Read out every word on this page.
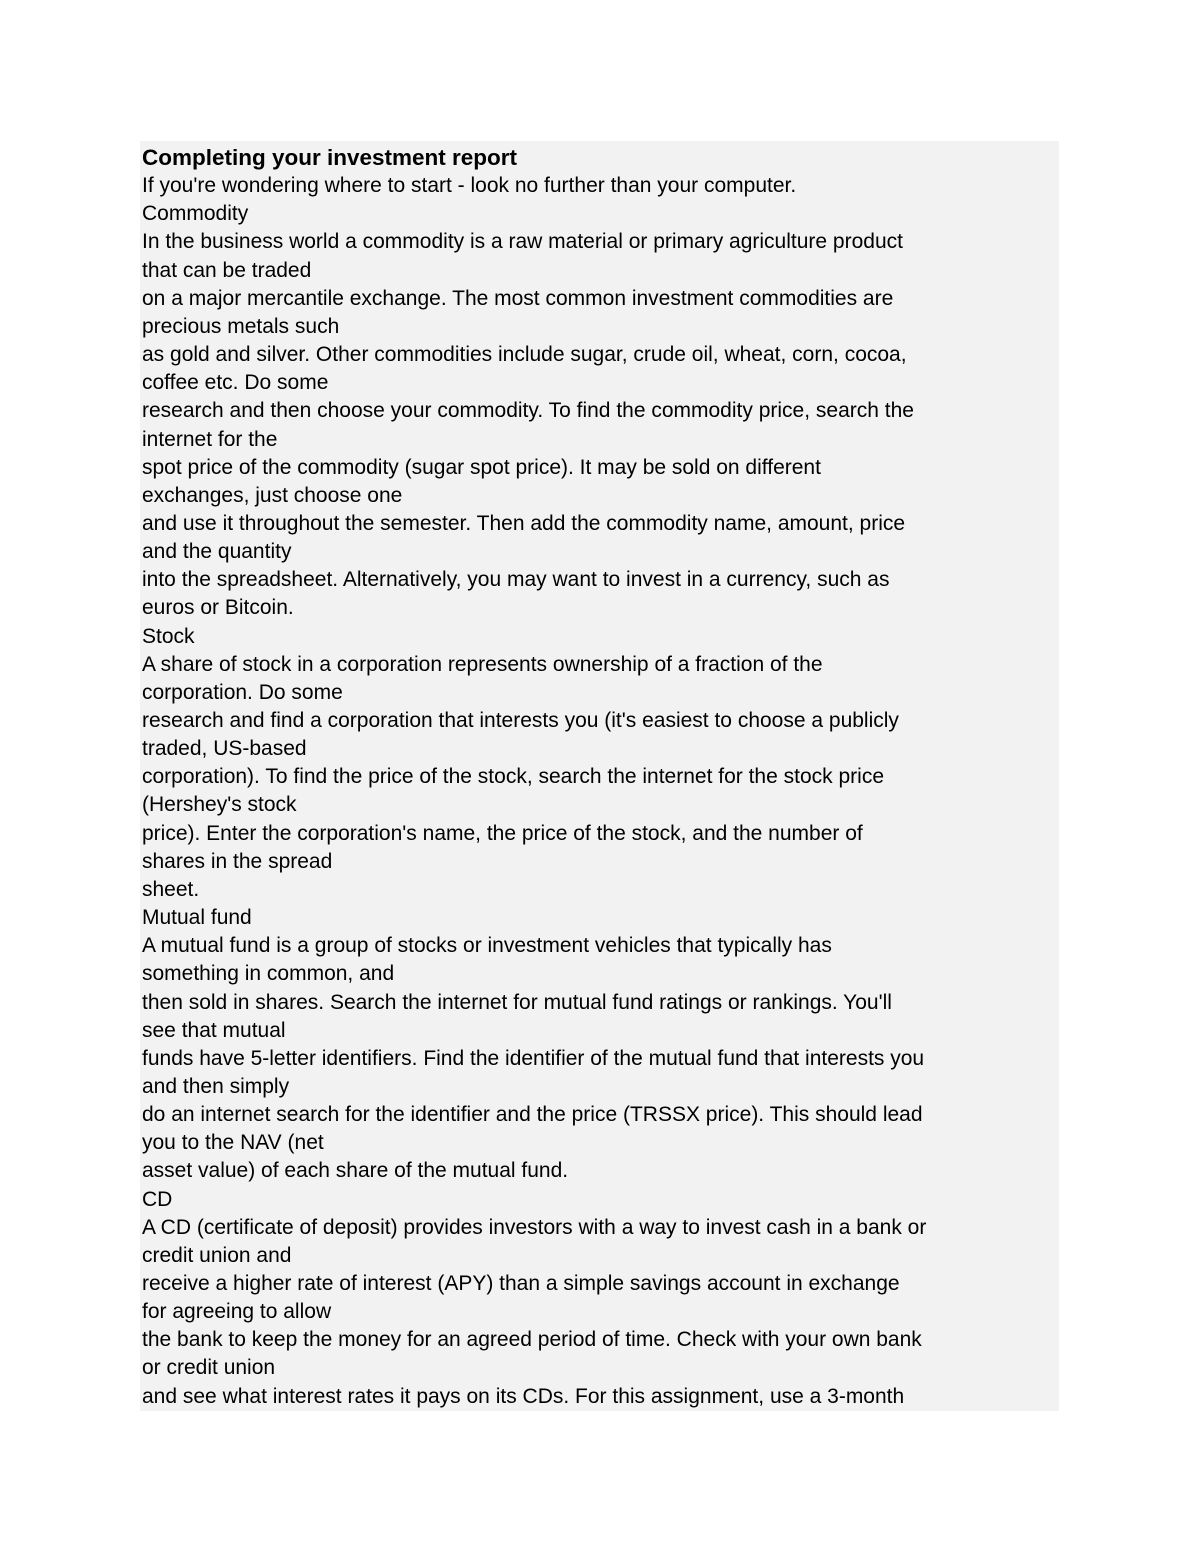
Completing your investment report
If you're wondering where to start - look no further than your computer.
Commodity
In the business world a commodity is a raw material or primary agriculture product
that can be traded
on a major mercantile exchange. The most common investment commodities are
precious metals such
as gold and silver. Other commodities include sugar, crude oil, wheat, corn, cocoa,
coffee etc. Do some
research and then choose your commodity. To find the commodity price, search the
internet for the
spot price of the commodity (sugar spot price). It may be sold on different
exchanges, just choose one
and use it throughout the semester. Then add the commodity name, amount, price
and the quantity
into the spreadsheet. Alternatively, you may want to invest in a currency, such as
euros or Bitcoin.
Stock
A share of stock in a corporation represents ownership of a fraction of the
corporation. Do some
research and find a corporation that interests you (it's easiest to choose a publicly
traded, US-based
corporation). To find the price of the stock, search the internet for the stock price
(Hershey's stock
price). Enter the corporation's name, the price of the stock, and the number of
shares in the spread
sheet.
Mutual fund
A mutual fund is a group of stocks or investment vehicles that typically has
something in common, and
then sold in shares. Search the internet for mutual fund ratings or rankings. You'll
see that mutual
funds have 5-letter identifiers. Find the identifier of the mutual fund that interests you
and then simply
do an internet search for the identifier and the price (TRSSX price). This should lead
you to the NAV (net
asset value) of each share of the mutual fund.
CD
A CD (certificate of deposit) provides investors with a way to invest cash in a bank or
credit union and
receive a higher rate of interest (APY) than a simple savings account in exchange
for agreeing to allow
the bank to keep the money for an agreed period of time. Check with your own bank
or credit union
and see what interest rates it pays on its CDs. For this assignment, use a 3-month
